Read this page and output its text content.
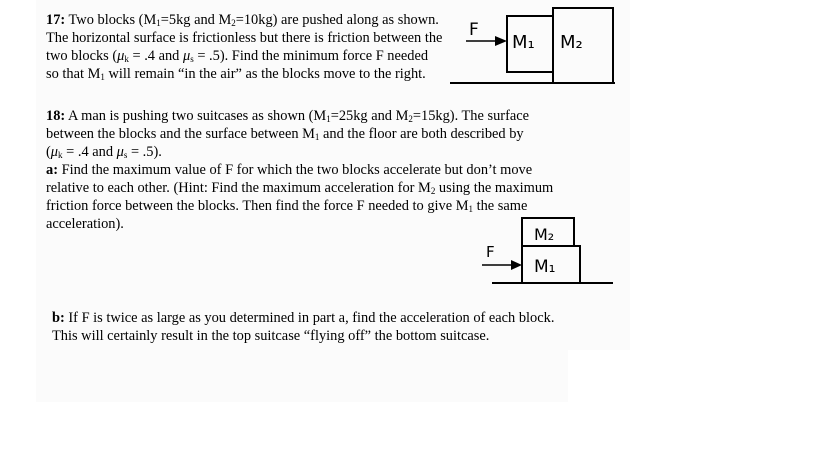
17: Two blocks ($M_1=5kg$ and $M_2=10kg$) are pushed along as shown.
The horizontal surface is frictionless but there is friction between the
two blocks ($\mu_k = .4$ and $\mu_s = .5$). Find the minimum force F needed
so that $M_1$ will remain “in the air” as the blocks move to the right.
F
M₁ M₂
18: A man is pushing two suitcases as shown ($M_1=25kg$ and $M_2=15kg$). The surface
between the blocks and the surface between $M_1$ and the floor are both described by
($\mu_k = .4$ and $\mu_s = .5$).
a: Find the maximum value of F for which the two blocks accelerate but don’t move
relative to each other. (Hint: Find the maximum acceleration for $M_2$ using the maximum
friction force between the blocks. Then find the force F needed to give $M_1$ the same
acceleration).
M₂
M₁
F
b: If F is twice as large as you determined in part a, find the acceleration of each block.
This will certainly result in the top suitcase “flying off” the bottom suitcase.
